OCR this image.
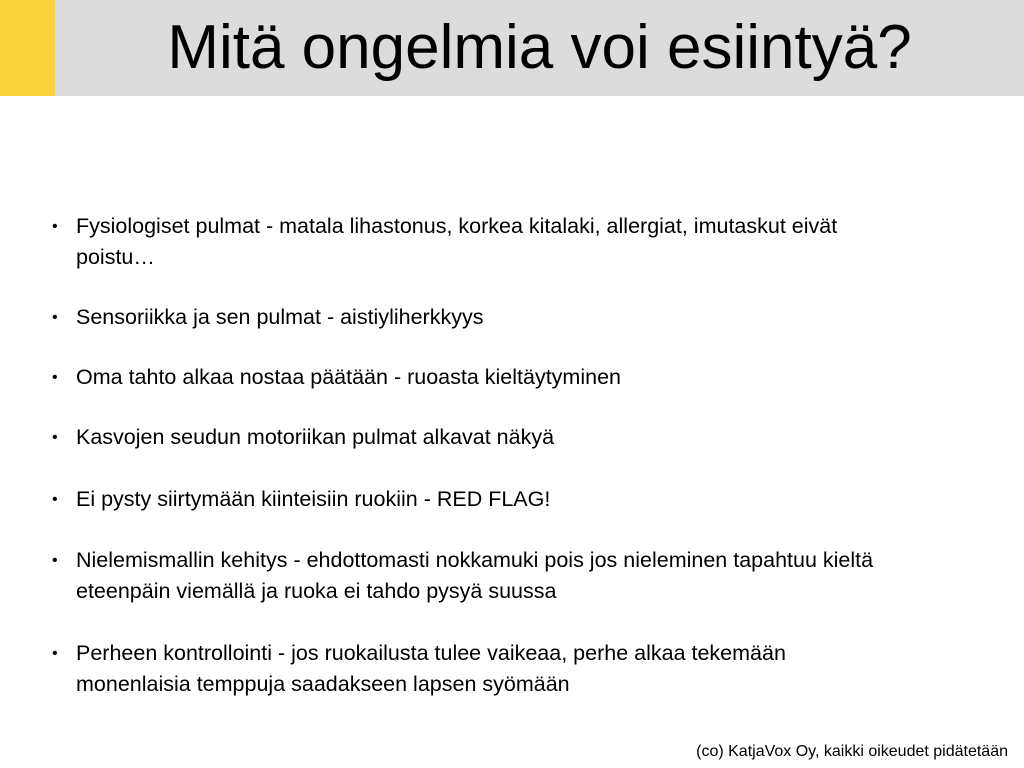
Mitä ongelmia voi esiintyä?
• Fysiologiset pulmat - matala lihastonus, korkea kitalaki, allergiat, imutaskut eivät poistu…
• Sensoriikka ja sen pulmat - aistiyliherkkyys
• Oma tahto alkaa nostaa päätään - ruoasta kieltäytyminen
• Kasvojen seudun motoriikan pulmat alkavat näkyä
• Ei pysty siirtymään kiinteisiin ruokiin - RED FLAG!
• Nielemismallin kehitys - ehdottomasti nokkamuki pois jos nieleminen tapahtuu kieltä eteenpäin viemällä ja ruoka ei tahdo pysyä suussa
• Perheen kontrollointi - jos ruokailusta tulee vaikeaa, perhe alkaa tekemään monenlaisia temppuja saadakseen lapsen syömään
(co) KatjaVox Oy, kaikki oikeudet pidätetään
